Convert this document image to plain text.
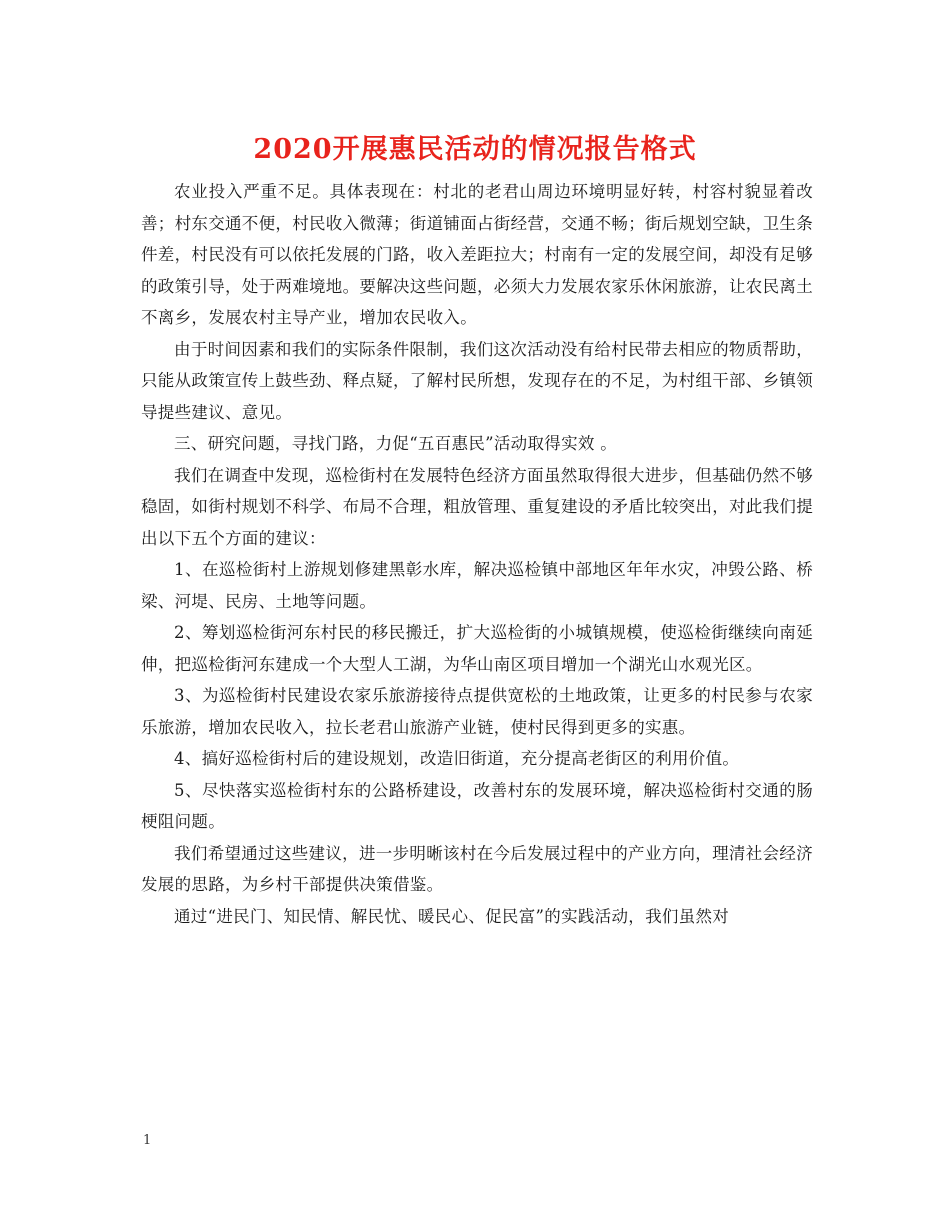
2020开展惠民活动的情况报告格式

农业投入严重不足。具体表现在：村北的老君山周边环境明显好转，村容村貌显着改善；村东交通不便，村民收入微薄；街道铺面占街经营，交通不畅；街后规划空缺，卫生条件差，村民没有可以依托发展的门路，收入差距拉大；村南有一定的发展空间，却没有足够的政策引导，处于两难境地。要解决这些问题，必须大力发展农家乐休闲旅游，让农民离土不离乡，发展农村主导产业，增加农民收入。

由于时间因素和我们的实际条件限制，我们这次活动没有给村民带去相应的物质帮助，只能从政策宣传上鼓些劲、释点疑，了解村民所想，发现存在的不足，为村组干部、乡镇领导提些建议、意见。

三、研究问题，寻找门路，力促“五百惠民”活动取得实效 。

我们在调查中发现，巡检街村在发展特色经济方面虽然取得很大进步，但基础仍然不够稳固，如街村规划不科学、布局不合理，粗放管理、重复建设的矛盾比较突出，对此我们提出以下五个方面的建议：

1、在巡检街村上游规划修建黑彰水库，解决巡检镇中部地区年年水灾，冲毁公路、桥梁、河堤、民房、土地等问题。

2、筹划巡检街河东村民的移民搬迁，扩大巡检街的小城镇规模，使巡检街继续向南延伸，把巡检街河东建成一个大型人工湖，为华山南区项目增加一个湖光山水观光区。

3、为巡检街村民建设农家乐旅游接待点提供宽松的土地政策，让更多的村民参与农家乐旅游，增加农民收入，拉长老君山旅游产业链，使村民得到更多的实惠。

4、搞好巡检街村后的建设规划，改造旧街道，充分提高老街区的利用价值。

5、尽快落实巡检街村东的公路桥建设，改善村东的发展环境，解决巡检街村交通的肠梗阻问题。

我们希望通过这些建议，进一步明晰该村在今后发展过程中的产业方向，理清社会经济发展的思路，为乡村干部提供决策借鉴。

通过“进民门、知民情、解民忧、暖民心、促民富”的实践活动，我们虽然对

1
